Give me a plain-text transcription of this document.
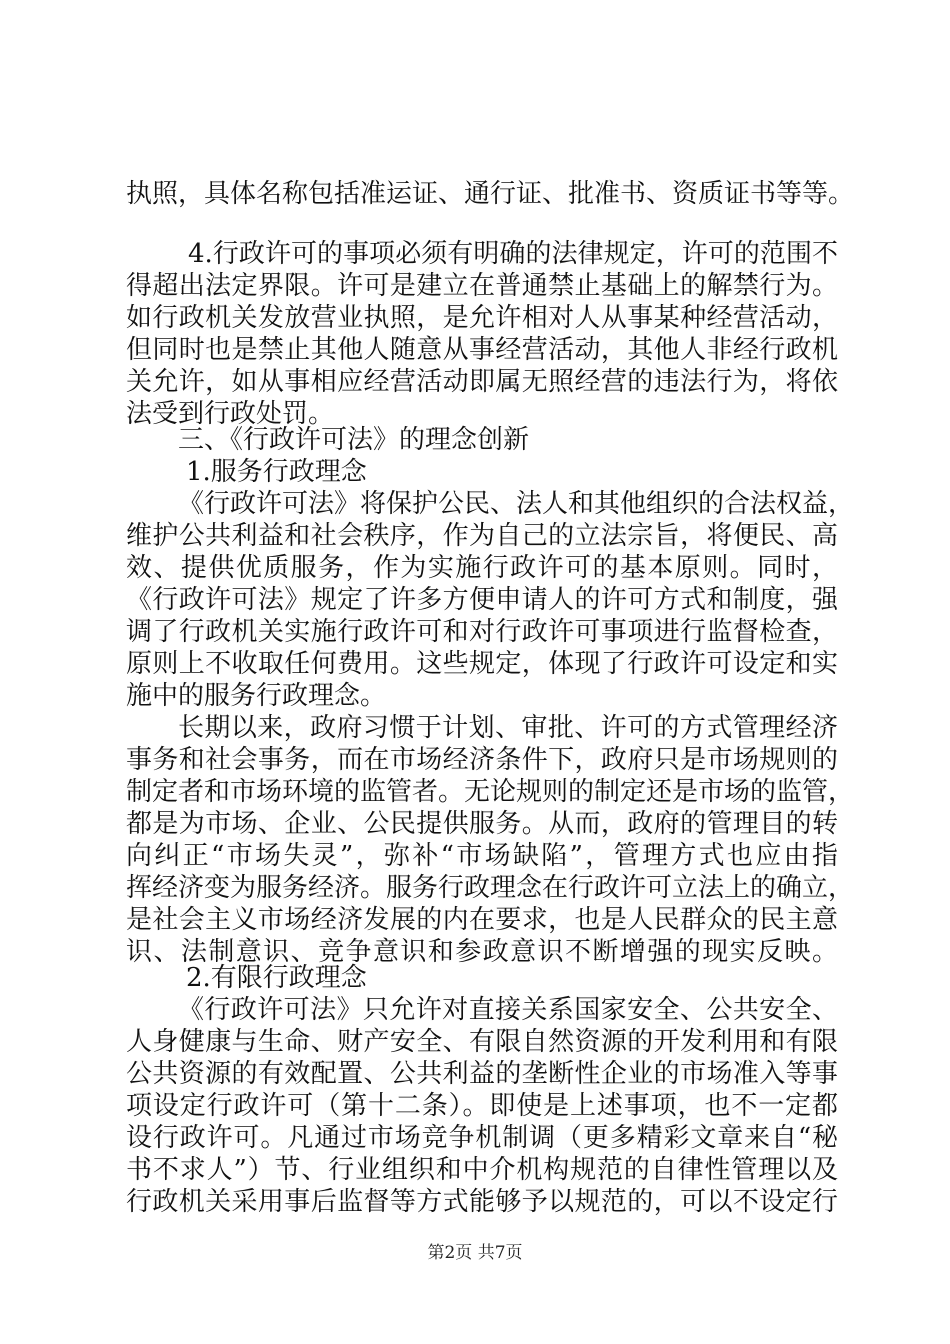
执照，具体名称包括准运证、通行证、批准书、资质证书等等。
4.行政许可的事项必须有明确的法律规定，许可的范围不
得超出法定界限。许可是建立在普通禁止基础上的解禁行为。
如行政机关发放营业执照，是允许相对人从事某种经营活动，
但同时也是禁止其他人随意从事经营活动，其他人非经行政机
关允许，如从事相应经营活动即属无照经营的违法行为，将依
法受到行政处罚。
三、《行政许可法》的理念创新
1.服务行政理念
《行政许可法》将保护公民、法人和其他组织的合法权益，
维护公共利益和社会秩序，作为自己的立法宗旨，将便民、高
效、提供优质服务，作为实施行政许可的基本原则。同时，
《行政许可法》规定了许多方便申请人的许可方式和制度，强
调了行政机关实施行政许可和对行政许可事项进行监督检查，
原则上不收取任何费用。这些规定，体现了行政许可设定和实
施中的服务行政理念。
长期以来，政府习惯于计划、审批、许可的方式管理经济
事务和社会事务，而在市场经济条件下，政府只是市场规则的
制定者和市场环境的监管者。无论规则的制定还是市场的监管，
都是为市场、企业、公民提供服务。从而，政府的管理目的转
向纠正“市场失灵”，弥补“市场缺陷”，管理方式也应由指
挥经济变为服务经济。服务行政理念在行政许可立法上的确立，
是社会主义市场经济发展的内在要求，也是人民群众的民主意
识、法制意识、竞争意识和参政意识不断增强的现实反映。
2.有限行政理念
《行政许可法》只允许对直接关系国家安全、公共安全、
人身健康与生命、财产安全、有限自然资源的开发利用和有限
公共资源的有效配置、公共利益的垄断性企业的市场准入等事
项设定行政许可（第十二条）。即使是上述事项，也不一定都
设行政许可。凡通过市场竞争机制调（更多精彩文章来自“秘
书不求人”）节、行业组织和中介机构规范的自律性管理以及
行政机关采用事后监督等方式能够予以规范的，可以不设定行
第2页 共7页
